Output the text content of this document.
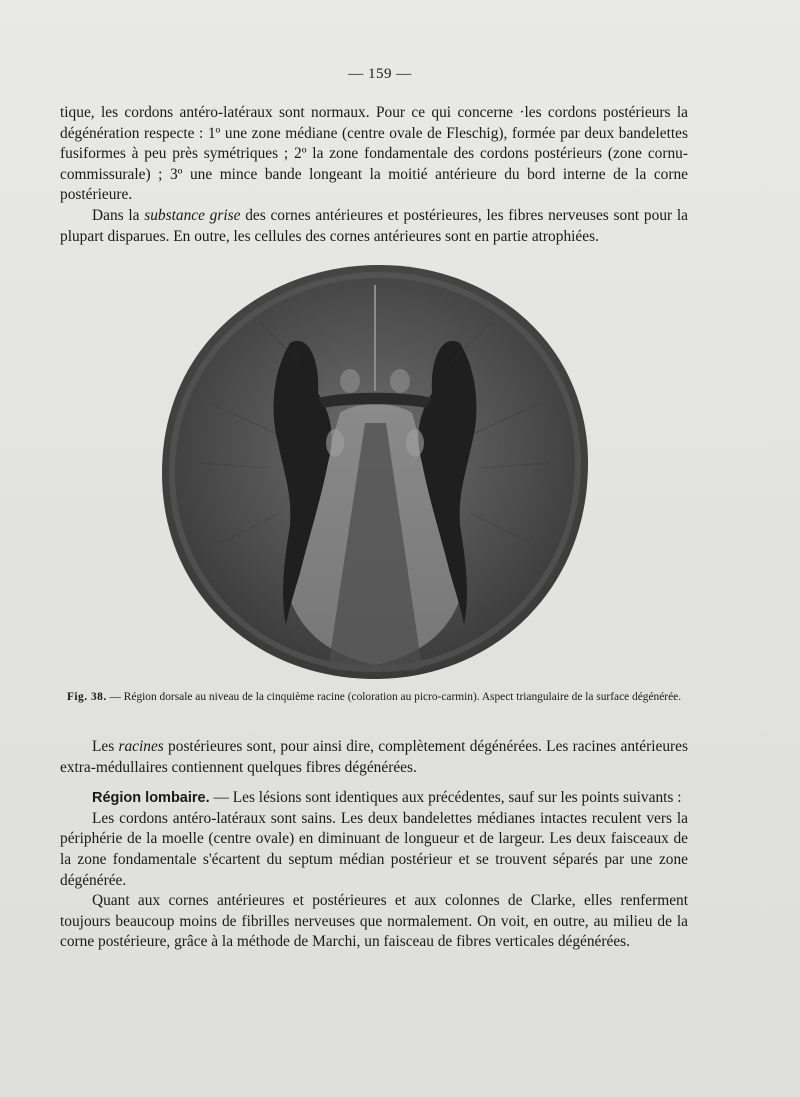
— 159 —

tique, les cordons antéro-latéraux sont normaux. Pour ce qui concerne ·les cordons postérieurs la dégénération respecte : 1º une zone médiane (centre ovale de Fleschig), formée par deux bandelettes fusiformes à peu près symétriques ; 2º la zone fondamentale des cordons postérieurs (zone cornu-commissurale) ; 3º une mince bande longeant la moitié antérieure du bord interne de la corne postérieure.

Dans la substance grise des cornes antérieures et postérieures, les fibres nerveuses sont pour la plupart disparues. En outre, les cellules des cornes antérieures sont en partie atrophiées.

Fig. 38. — Région dorsale au niveau de la cinquième racine (coloration au picro-carmin). Aspect triangulaire de la surface dégénérée.

Les racines postérieures sont, pour ainsi dire, complètement dégénérées. Les racines antérieures extra-médullaires contiennent quelques fibres dégénérées.

Région lombaire. — Les lésions sont identiques aux précédentes, sauf sur les points suivants :

Les cordons antéro-latéraux sont sains. Les deux bandelettes médianes intactes reculent vers la périphérie de la moelle (centre ovale) en diminuant de longueur et de largeur. Les deux faisceaux de la zone fondamentale s'écartent du septum médian postérieur et se trouvent séparés par une zone dégénérée.

Quant aux cornes antérieures et postérieures et aux colonnes de Clarke, elles renferment toujours beaucoup moins de fibrilles nerveuses que normalement. On voit, en outre, au milieu de la corne postérieure, grâce à la méthode de Marchi, un faisceau de fibres verticales dégénérées.
